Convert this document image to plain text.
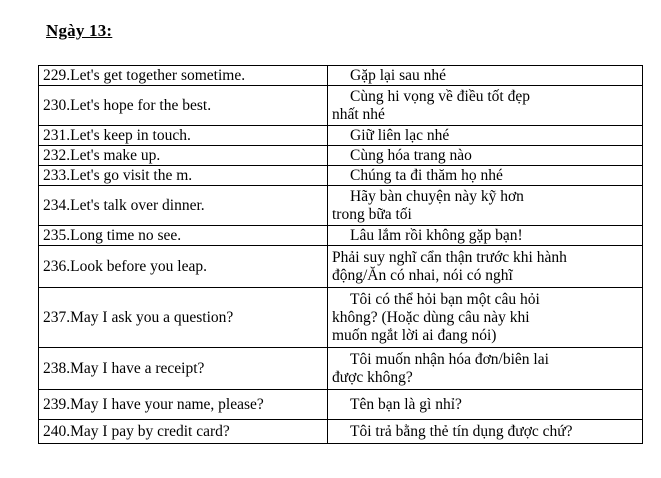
Ngày 13:
229.Let's get together sometime.	Gặp lại sau nhé

230.Let's hope for the best.	Cùng hi vọng về điều tốt đẹp
nhất nhé

231.Let's keep in touch.	Giữ liên lạc nhé

232.Let's make up.	Cùng hóa trang nào

233.Let's go visit the m.	Chúng ta đi thăm họ nhé

234.Let's talk over dinner.	Hãy bàn chuyện này kỹ hơn
trong bữa tối

235.Long time no see.	Lâu lắm rồi không gặp bạn!

236.Look before you leap.	Phải suy nghĩ cẩn thận trước khi hành
động/Ăn có nhai, nói có nghĩ

237.May I ask you a question?	Tôi có thể hỏi bạn một câu hỏi
không? (Hoặc dùng câu này khi
muốn ngắt lời ai đang nói)

238.May I have a receipt?	Tôi muốn nhận hóa đơn/biên lai
được không?

239.May I have your name, please?	Tên bạn là gì nhỉ?

240.May I pay by credit card?	Tôi trả bằng thẻ tín dụng được chứ?
